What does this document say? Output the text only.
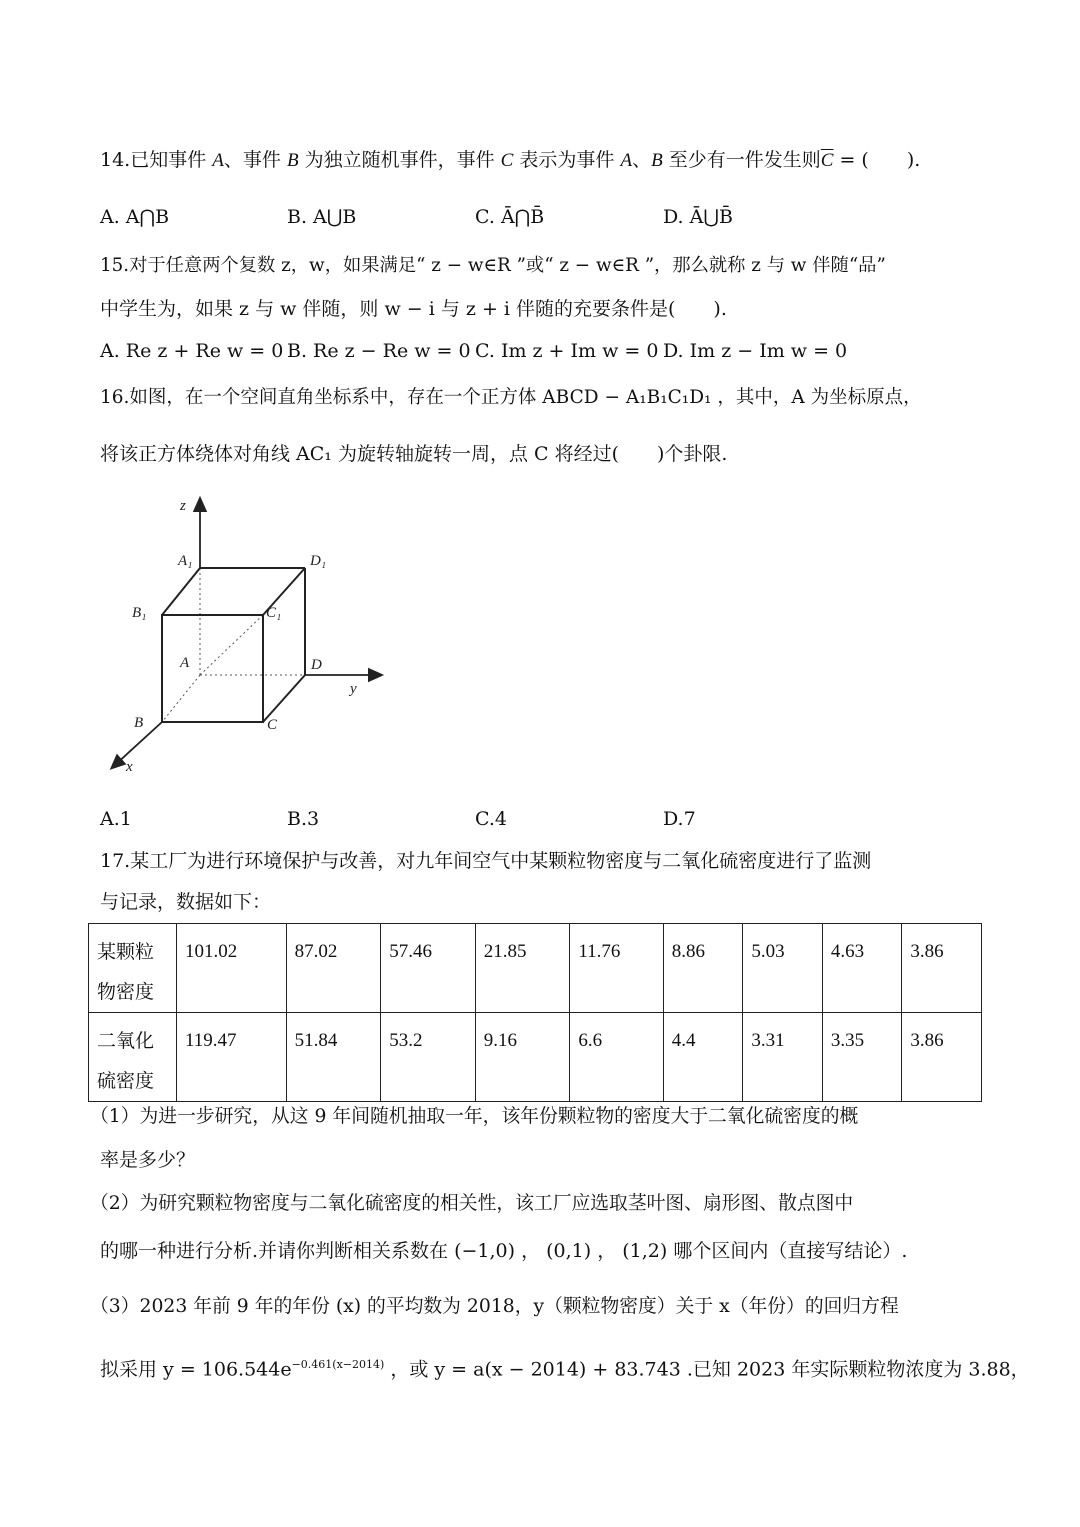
14.已知事件 A、事件 B 为独立随机事件，事件 C 表示为事件 A、B 至少有一件发生则$\overline{C}$ = (　　).
A. A⋂B	B. A⋃B	C. Ā⋂B̄	D. Ā⋃B̄
15.对于任意两个复数 z，w，如果满足“ z − w∈R ”或“ z − w∈R ”，那么就称 z 与 w 伴随“品”
中学生为，如果 z 与 w 伴随，则 w − i 与 z + i 伴随的充要条件是(　　).
A. Re z + Re w = 0 B. Re z − Re w = 0 C. Im z + Im w = 0 D. Im z − Im w = 0
16.如图，在一个空间直角坐标系中，存在一个正方体 ABCD − A₁B₁C₁D₁ ，其中，A 为坐标原点，
将该正方体绕体对角线 AC₁ 为旋转轴旋转一周，点 C 将经过(　　)个卦限.
z
y
x
A₁	D₁
B₁	C₁
A	D
B	C
A.1	B.3	C.4	D.7
17.某工厂为进行环境保护与改善，对九年间空气中某颗粒物密度与二氧化硫密度进行了监测
与记录，数据如下：
某颗粒
物密度	101.02	87.02	57.46	21.85	11.76	8.86	5.03	4.63	3.86
二氧化
硫密度	119.47	51.84	53.2	9.16	6.6	4.4	3.31	3.35	3.86
（1）为进一步研究，从这 9 年间随机抽取一年，该年份颗粒物的密度大于二氧化硫密度的概
率是多少？
（2）为研究颗粒物密度与二氧化硫密度的相关性，该工厂应选取茎叶图、扇形图、散点图中
的哪一种进行分析.并请你判断相关系数在 (−1,0) ， (0,1) ， (1,2) 哪个区间内（直接写结论）.
（3）2023 年前 9 年的年份 (x) 的平均数为 2018，y（颗粒物密度）关于 x（年份）的回归方程
拟采用 $y = 106.544e^{-0.461(x-2014)}$ ，或 y = a(x − 2014) + 83.743 .已知 2023 年实际颗粒物浓度为 3.88，
